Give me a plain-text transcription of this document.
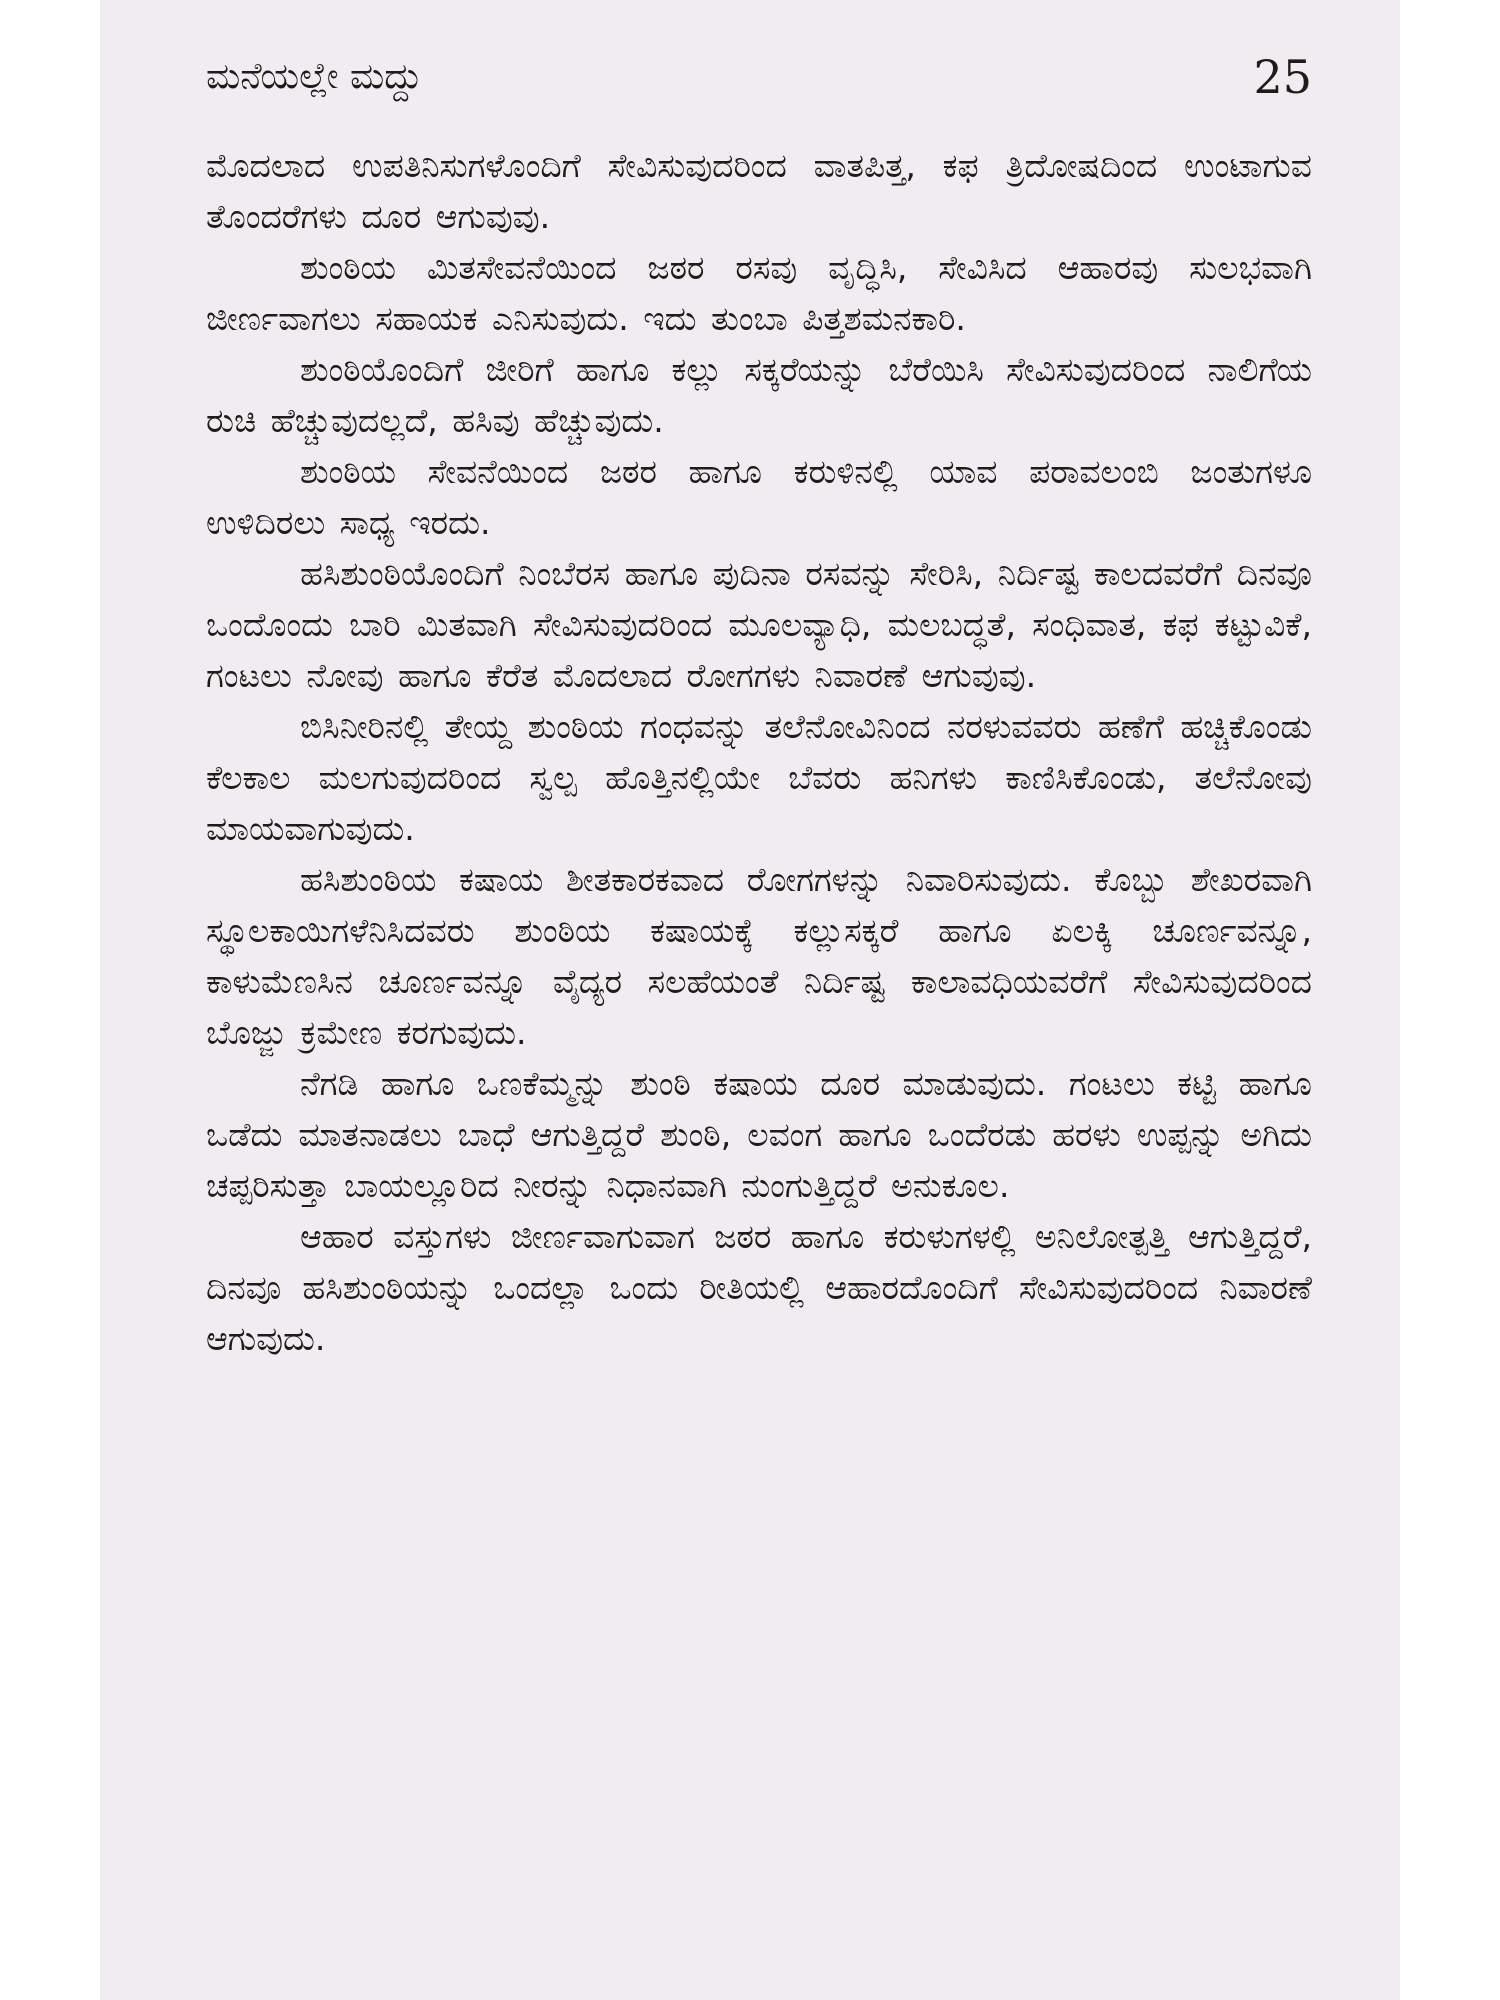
ಮನೆಯಲ್ಲೇ ಮದ್ದು	25

ಮೊದಲಾದ ಉಪತಿನಿಸುಗಳೊಂದಿಗೆ ಸೇವಿಸುವುದರಿಂದ ವಾತಪಿತ್ತ, ಕಫ ತ್ರಿದೋಷದಿಂದ ಉಂಟಾಗುವ ತೊಂದರೆಗಳು ದೂರ ಆಗುವುವು.

ಶುಂಠಿಯ ಮಿತಸೇವನೆಯಿಂದ ಜಠರ ರಸವು ವೃದ್ಧಿಸಿ, ಸೇವಿಸಿದ ಆಹಾರವು ಸುಲಭವಾಗಿ ಜೀರ್ಣವಾಗಲು ಸಹಾಯಕ ಎನಿಸುವುದು. ಇದು ತುಂಬಾ ಪಿತ್ತಶಮನಕಾರಿ.

ಶುಂಠಿಯೊಂದಿಗೆ ಜೀರಿಗೆ ಹಾಗೂ ಕಲ್ಲು ಸಕ್ಕರೆಯನ್ನು ಬೆರೆಯಿಸಿ ಸೇವಿಸುವುದರಿಂದ ನಾಲಿಗೆಯ ರುಚಿ ಹೆಚ್ಚುವುದಲ್ಲದೆ, ಹಸಿವು ಹೆಚ್ಚುವುದು.

ಶುಂಠಿಯ ಸೇವನೆಯಿಂದ ಜಠರ ಹಾಗೂ ಕರುಳಿನಲ್ಲಿ ಯಾವ ಪರಾವಲಂಬಿ ಜಂತುಗಳೂ ಉಳಿದಿರಲು ಸಾಧ್ಯ ಇರದು.

ಹಸಿಶುಂಠಿಯೊಂದಿಗೆ ನಿಂಬೆರಸ ಹಾಗೂ ಪುದಿನಾ ರಸವನ್ನು ಸೇರಿಸಿ, ನಿರ್ದಿಷ್ಟ ಕಾಲದವರೆಗೆ ದಿನವೂ ಒಂದೊಂದು ಬಾರಿ ಮಿತವಾಗಿ ಸೇವಿಸುವುದರಿಂದ ಮೂಲವ್ಯಾಧಿ, ಮಲಬದ್ಧತೆ, ಸಂಧಿವಾತ, ಕಫ ಕಟ್ಟುವಿಕೆ, ಗಂಟಲು ನೋವು ಹಾಗೂ ಕೆರೆತ ಮೊದಲಾದ ರೋಗಗಳು ನಿವಾರಣೆ ಆಗುವುವು.

ಬಿಸಿನೀರಿನಲ್ಲಿ ತೇಯ್ದ ಶುಂಠಿಯ ಗಂಧವನ್ನು ತಲೆನೋವಿನಿಂದ ನರಳುವವರು ಹಣೆಗೆ ಹಚ್ಚಿಕೊಂಡು ಕೆಲಕಾಲ ಮಲಗುವುದರಿಂದ ಸ್ವಲ್ಪ ಹೊತ್ತಿನಲ್ಲಿಯೇ ಬೆವರು ಹನಿಗಳು ಕಾಣಿಸಿಕೊಂಡು, ತಲೆನೋವು ಮಾಯವಾಗುವುದು.

ಹಸಿಶುಂಠಿಯ ಕಷಾಯ ಶೀತಕಾರಕವಾದ ರೋಗಗಳನ್ನು ನಿವಾರಿಸುವುದು. ಕೊಬ್ಬು ಶೇಖರವಾಗಿ ಸ್ಥೂಲಕಾಯಿಗಳೆನಿಸಿದವರು ಶುಂಠಿಯ ಕಷಾಯಕ್ಕೆ ಕಲ್ಲುಸಕ್ಕರೆ ಹಾಗೂ ಏಲಕ್ಕಿ ಚೂರ್ಣವನ್ನೂ, ಕಾಳುಮೆಣಸಿನ ಚೂರ್ಣವನ್ನೂ ವೈದ್ಯರ ಸಲಹೆಯಂತೆ ನಿರ್ದಿಷ್ಟ ಕಾಲಾವಧಿಯವರೆಗೆ ಸೇವಿಸುವುದರಿಂದ ಬೊಜ್ಜು ಕ್ರಮೇಣ ಕರಗುವುದು.

ನೆಗಡಿ ಹಾಗೂ ಒಣಕೆಮ್ಮನ್ನು ಶುಂಠಿ ಕಷಾಯ ದೂರ ಮಾಡುವುದು. ಗಂಟಲು ಕಟ್ಟಿ ಹಾಗೂ ಒಡೆದು ಮಾತನಾಡಲು ಬಾಧೆ ಆಗುತ್ತಿದ್ದರೆ ಶುಂಠಿ, ಲವಂಗ ಹಾಗೂ ಒಂದೆರಡು ಹರಳು ಉಪ್ಪನ್ನು ಅಗಿದು ಚಪ್ಪರಿಸುತ್ತಾ ಬಾಯಲ್ಲೂರಿದ ನೀರನ್ನು ನಿಧಾನವಾಗಿ ನುಂಗುತ್ತಿದ್ದರೆ ಅನುಕೂಲ.

ಆಹಾರ ವಸ್ತುಗಳು ಜೀರ್ಣವಾಗುವಾಗ ಜಠರ ಹಾಗೂ ಕರುಳುಗಳಲ್ಲಿ ಅನಿಲೋತ್ಪತ್ತಿ ಆಗುತ್ತಿದ್ದರೆ, ದಿನವೂ ಹಸಿಶುಂಠಿಯನ್ನು ಒಂದಲ್ಲಾ ಒಂದು ರೀತಿಯಲ್ಲಿ ಆಹಾರದೊಂದಿಗೆ ಸೇವಿಸುವುದರಿಂದ ನಿವಾರಣೆ ಆಗುವುದು.
